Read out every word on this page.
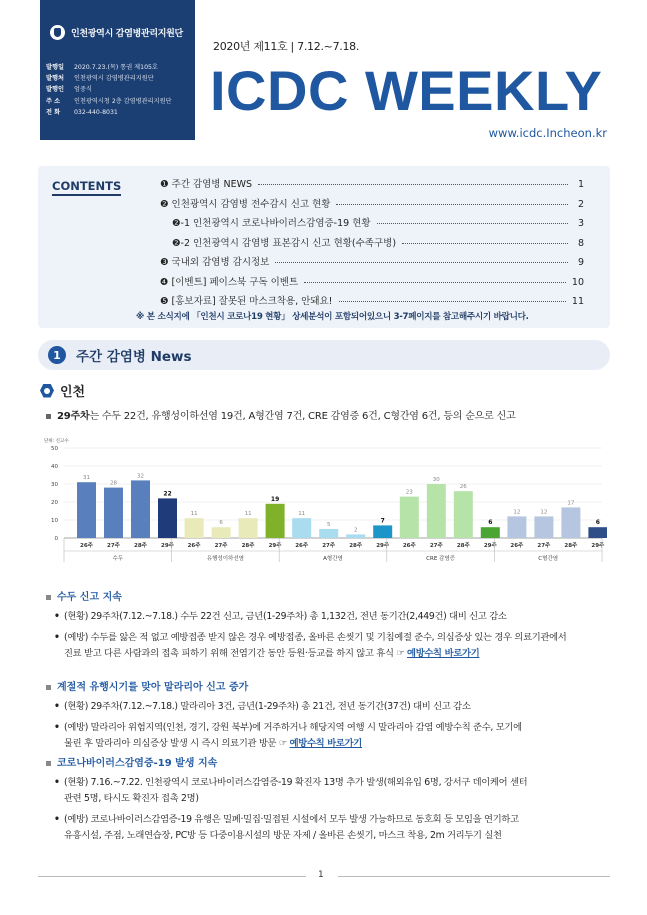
인천광역시 감염병관리지원단
발행일	2020.7.23.(목) 통권 제105호
발행처	인천광역시 감염병관리지원단
발행인	엄중식
주 소	인천광역시청 2층 감염병관리지원단
전 화	032-440-8031
2020년 제11호 | 7.12.~7.18.
ICDC WEEKLY
www.icdc.Incheon.kr
CONTENTS	❶ 주간 감염병 NEWS	1
❷ 인천광역시 감염병 전수감시 신고 현황	2
❷-1 인천광역시 코로나바이러스감염증-19 현황	3
❷-2 인천광역시 감염병 표본감시 신고 현황(수족구병)	8
❸ 국내외 감염병 감시정보	9
❹ [이벤트] 페이스북 구독 이벤트	10
❺ [홍보자료] 잘못된 마스크착용, 안돼요!	11
※ 본 소식지에 「인천시 코로나19 현황」 상세분석이 포함되어있으니 3-7페이지를 참고해주시기 바랍니다.
1	주간 감염병 News
인천
29주차는 수두 22건, 유행성이하선염 19건, A형간염 7건, CRE 감염증 6건, C형간염 6건, 등의 순으로 신고
단위: 신고수
0
10
20
30
40
50
31
26주
28
27주
32
28주
22
29주
수두
11
26주
6
27주
11
28주
19
29주
유행성이하선염
11
26주
5
27주
2
28주
7
29주
A형간염
23
26주
30
27주
26
28주
6
29주
CRE 감염증
12
26주
12
27주
17
28주
6
29주
C형간염
수두 신고 지속
• (현황) 29주차(7.12.~7.18.) 수두 22건 신고, 금년(1-29주차) 총 1,132건, 전년 동기간(2,449건) 대비 신고 감소
• (예방) 수두를 앓은 적 없고 예방접종 받지 않은 경우 예방접종, 올바른 손씻기 및 기침예절 준수, 의심증상 있는 경우 의료기관에서
진료 받고 다른 사람과의 접촉 피하기 위해 전염기간 동안 등원·등교를 하지 않고 휴식 ☞ 예방수칙 바로가기
계절적 유행시기를 맞아 말라리아 신고 증가
• (현황) 29주차(7.12.~7.18.) 말라리아 3건, 금년(1-29주차) 총 21건, 전년 동기간(37건) 대비 신고 감소
• (예방) 말라리아 위험지역(인천, 경기, 강원 북부)에 거주하거나 해당지역 여행 시 말라리아 감염 예방수칙 준수, 모기에
물린 후 말라리아 의심증상 발생 시 즉시 의료기관 방문 ☞ 예방수칙 바로가기
코로나바이러스감염증-19 발생 지속
• (현황) 7.16.~7.22. 인천광역시 코로나바이러스감염증-19 확진자 13명 추가 발생(해외유입 6명, 강서구 데이케어 센터
관련 5명, 타시도 확진자 접촉 2명)
• (예방) 코로나바이러스감염증-19 유행은 밀폐·밀집·밀접된 시설에서 모두 발생 가능하므로 동호회 등 모임을 연기하고
유흥시설, 주점, 노래연습장, PC방 등 다중이용시설의 방문 자제 / 올바른 손씻기, 마스크 착용, 2m 거리두기 실천
1
